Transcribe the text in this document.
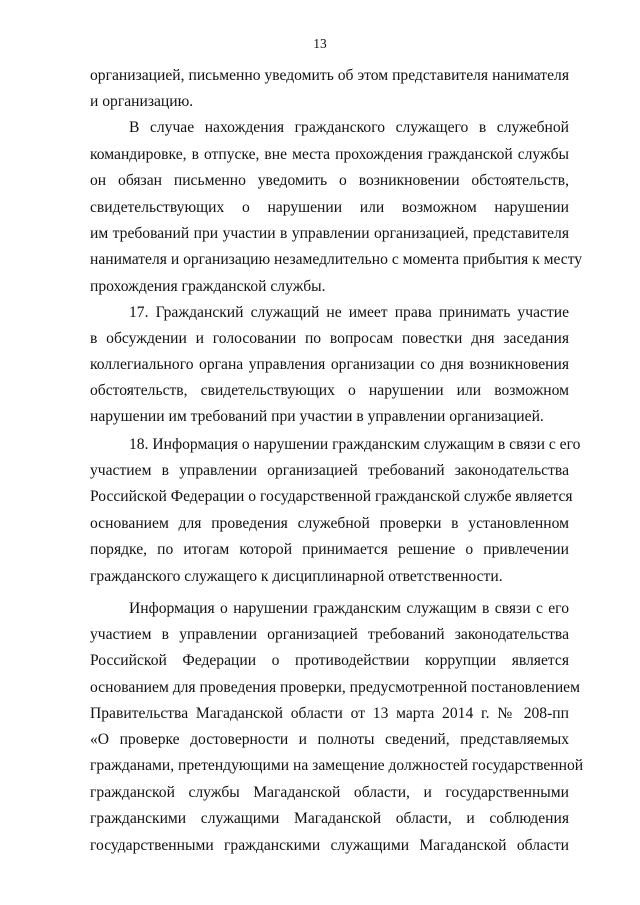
13
организацией, письменно уведомить об этом представителя нанимателя
и организацию.
В случае нахождения гражданского служащего в служебной
командировке, в отпуске, вне места прохождения гражданской службы
он обязан письменно уведомить о возникновении обстоятельств,
свидетельствующих о нарушении или возможном нарушении
им требований при участии в управлении организацией, представителя
нанимателя и организацию незамедлительно с момента прибытия к месту
прохождения гражданской службы.
17. Гражданский служащий не имеет права принимать участие
в обсуждении и голосовании по вопросам повестки дня заседания
коллегиального органа управления организации со дня возникновения
обстоятельств, свидетельствующих о нарушении или возможном
нарушении им требований при участии в управлении организацией.
18. Информация о нарушении гражданским служащим в связи с его
участием в управлении организацией требований законодательства
Российской Федерации о государственной гражданской службе является
основанием для проведения служебной проверки в установленном
порядке, по итогам которой принимается решение о привлечении
гражданского служащего к дисциплинарной ответственности.
Информация о нарушении гражданским служащим в связи с его
участием в управлении организацией требований законодательства
Российской Федерации о противодействии коррупции является
основанием для проведения проверки, предусмотренной постановлением
Правительства Магаданской области от 13 марта 2014 г. № 208-пп
«О проверке достоверности и полноты сведений, представляемых
гражданами, претендующими на замещение должностей государственной
гражданской службы Магаданской области, и государственными
гражданскими служащими Магаданской области, и соблюдения
государственными гражданскими служащими Магаданской области
